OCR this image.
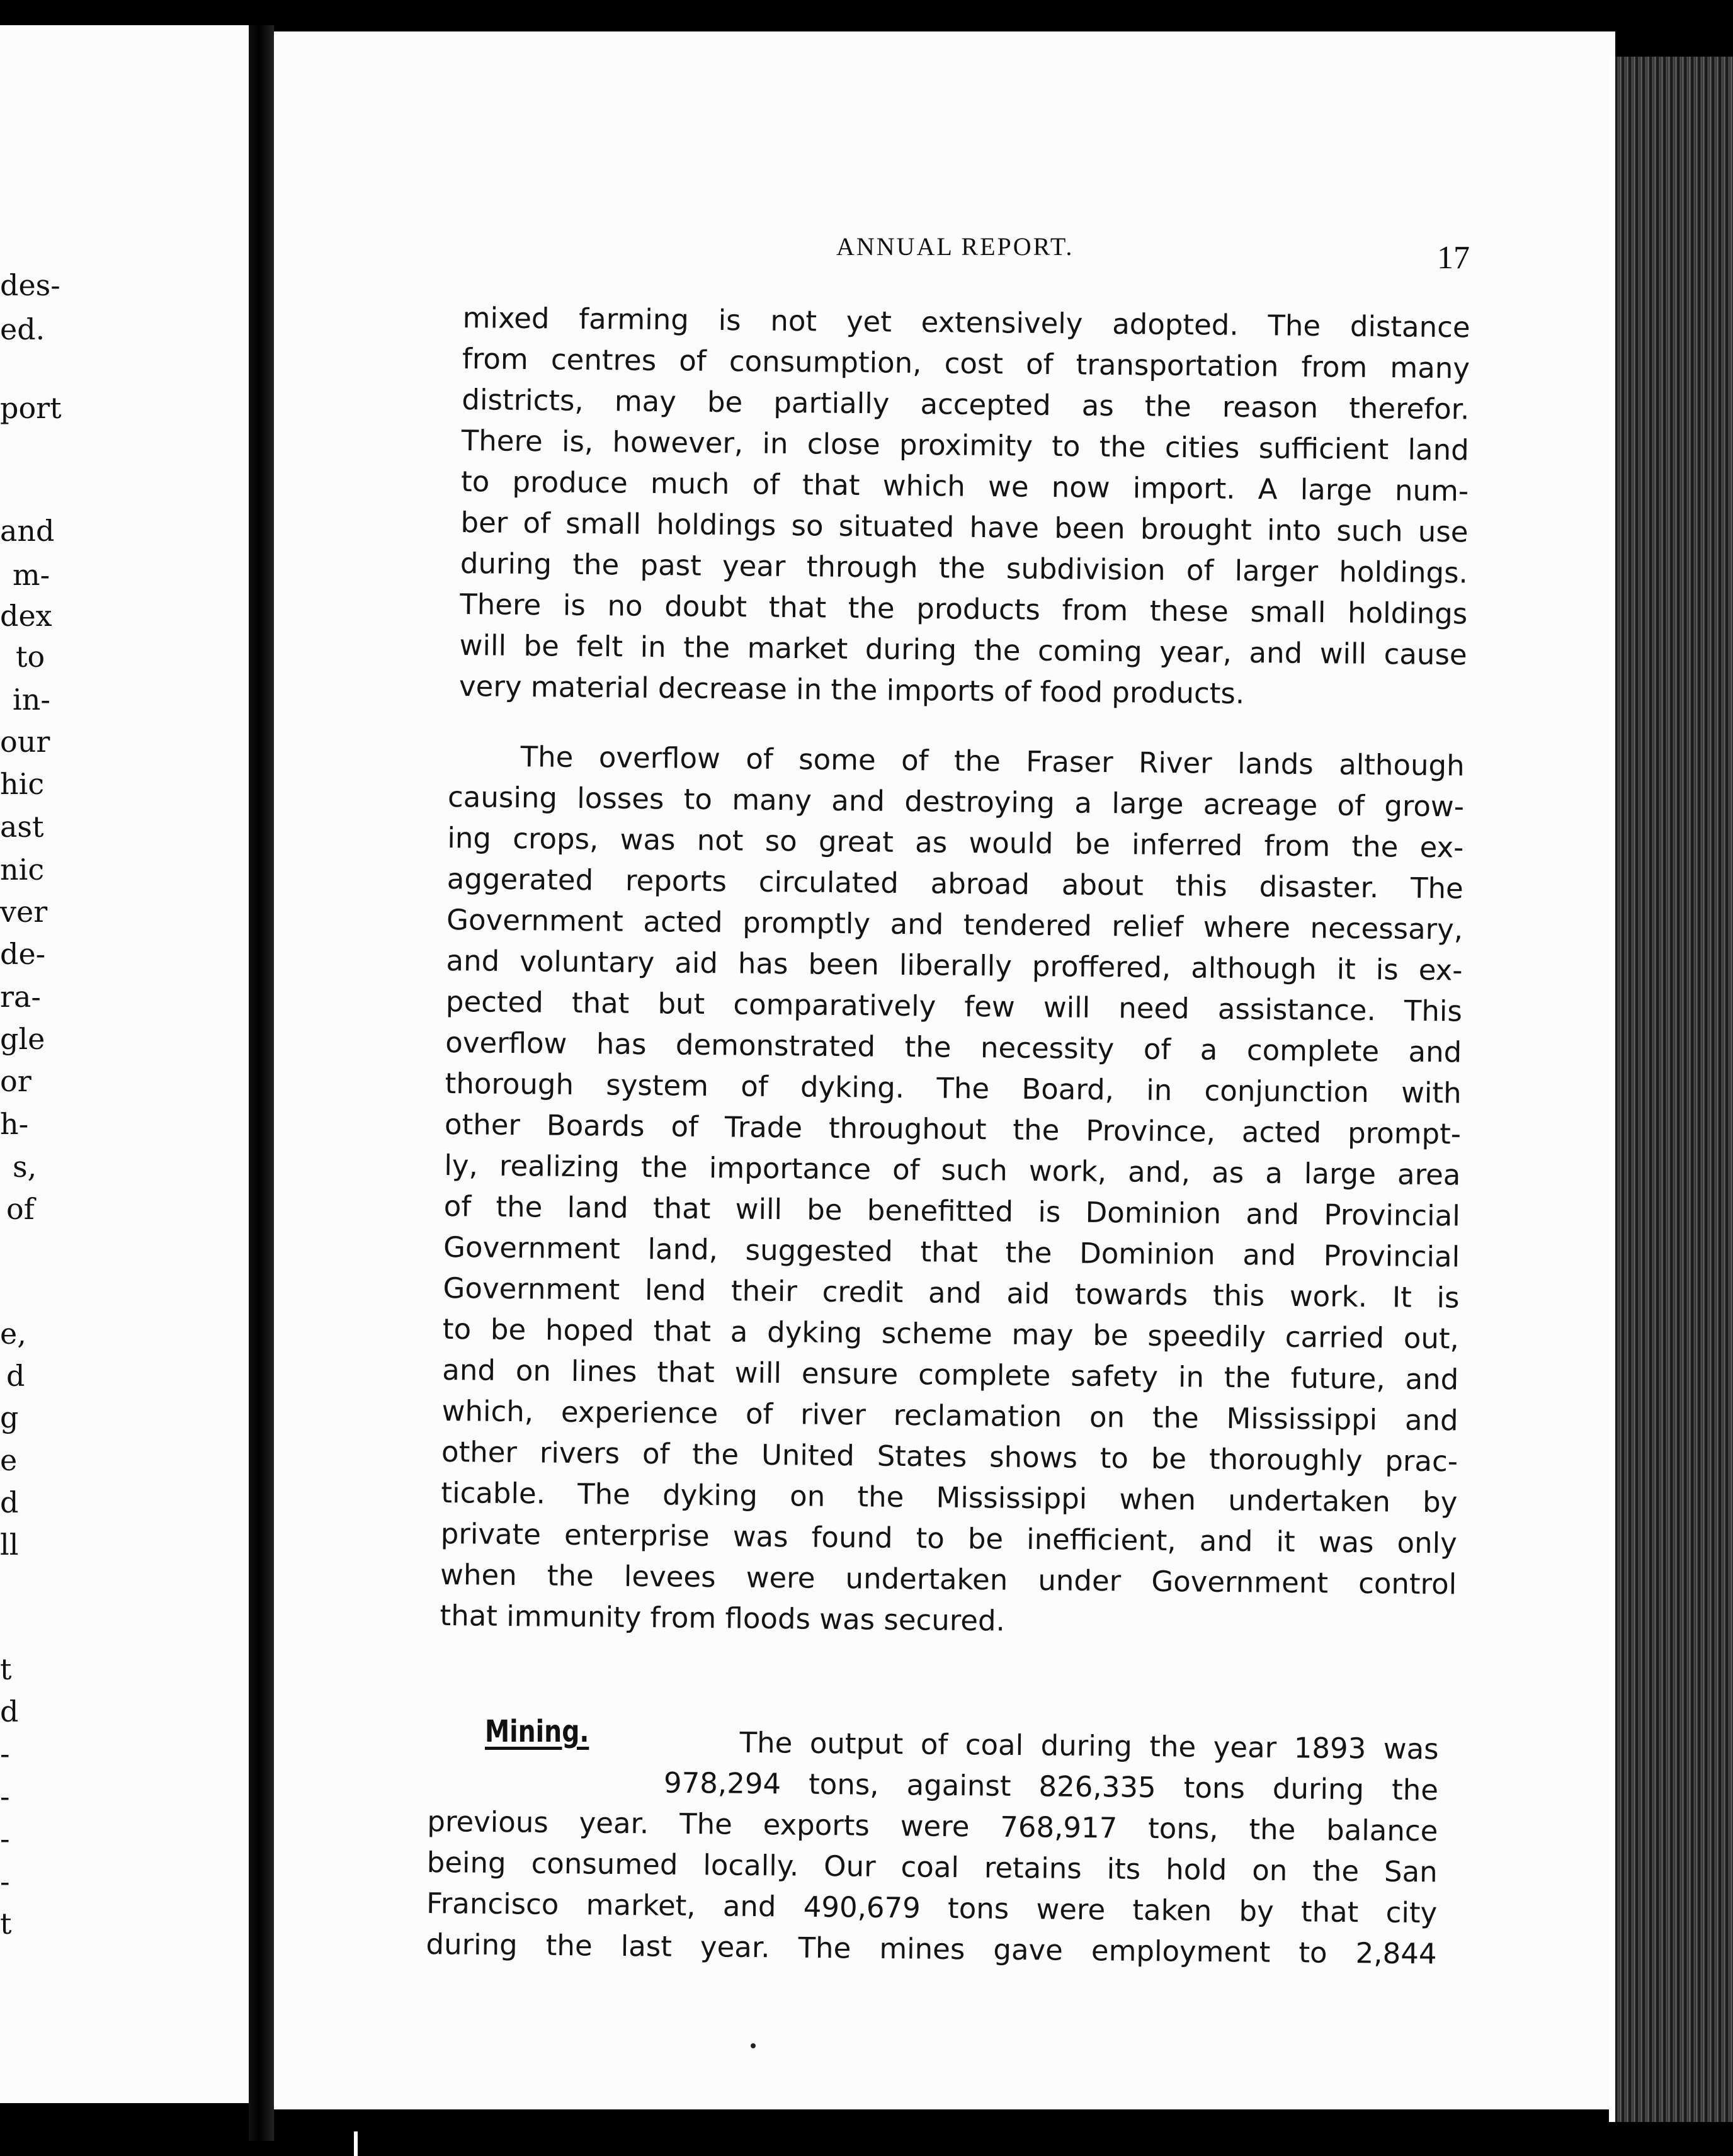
des-
ed.
port
and
m-
dex
to
in-
our
hic
ast
nic
ver
de-
ra-
gle
or
h-
s,
of
e,
d
g
e
d
ll
t
d
-
-
-
-
t
ANNUAL REPORT.	17
mixed farming is not yet extensively adopted. The distance
from centres of consumption, cost of transportation from many
districts, may be partially accepted as the reason therefor.
There is, however, in close proximity to the cities sufficient land
to produce much of that which we now import. A large num-
ber of small holdings so situated have been brought into such use
during the past year through the subdivision of larger holdings.
There is no doubt that the products from these small holdings
will be felt in the market during the coming year, and will cause
very material decrease in the imports of food products.
The overflow of some of the Fraser River lands although
causing losses to many and destroying a large acreage of grow-
ing crops, was not so great as would be inferred from the ex-
aggerated reports circulated abroad about this disaster. The
Government acted promptly and tendered relief where necessary,
and voluntary aid has been liberally proffered, although it is ex-
pected that but comparatively few will need assistance. This
overflow has demonstrated the necessity of a complete and
thorough system of dyking. The Board, in conjunction with
other Boards of Trade throughout the Province, acted prompt-
ly, realizing the importance of such work, and, as a large area
of the land that will be benefitted is Dominion and Provincial
Government land, suggested that the Dominion and Provincial
Government lend their credit and aid towards this work. It is
to be hoped that a dyking scheme may be speedily carried out,
and on lines that will ensure complete safety in the future, and
which, experience of river reclamation on the Mississippi and
other rivers of the United States shows to be thoroughly prac-
ticable. The dyking on the Mississippi when undertaken by
private enterprise was found to be inefficient, and it was only
when the levees were undertaken under Government control
that immunity from floods was secured.
Mining.	The output of coal during the year 1893 was
978,294 tons, against 826,335 tons during the
previous year. The exports were 768,917 tons, the balance
being consumed locally. Our coal retains its hold on the San
Francisco market, and 490,679 tons were taken by that city
during the last year. The mines gave employment to 2,844
